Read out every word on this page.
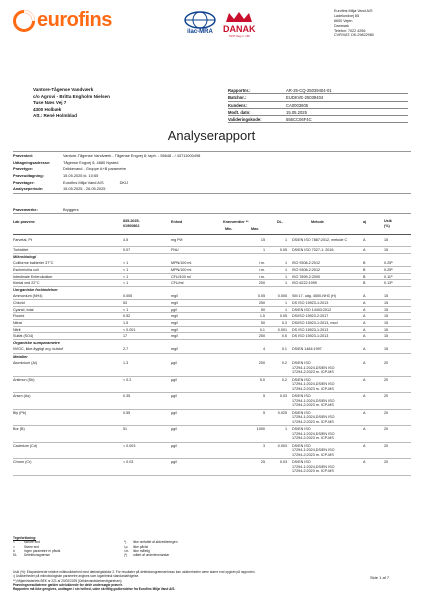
eurofins
ilac-MRA DANAK
TEST Reg.nr. 168
Eurofins Miljø Vand A/S
Ladelundvej 85
6600 Vejen
Danmark
Telefon: 7022 4256
CVR/VAT: DK-29822980
Vantore-Tågense Vandværk
c/o Agrovi - Britta Engholm Nielsen
Tuse Næs Vej 7
4300 Holbæk
Att.: René Holmblad
Rapportnr.:	AR-25-CQ-25039404-01
Batchnr.:	EUDKVE-25039404
Kundenr.:	CA0003605
Modt. dato:	15.05.2025
Valideringskode:	556CC06F4C
Analyserapport
Prøvested:	Vantore-Tågense Vandværk - Tågense Engvej 6; taph. - 55648 - / 43711000498
Udtagningsadresse:	Tågense Engvej 6, 4880 Nysted
Prøvetype:	Drikkevand - Gruppe A+B parametre
Prøveudtagning:	15.05.2025 kl. 10:55
Prøvetager:	Eurofins Miljø Vand A/S	DKIJ
Analyseperiode:	15.05.2025 - 26.05.2025
Prøvemærke:	Bryggers
Lab prøvenr:	835-2025-
01900862
Enhed	Kravværdier **
Min.	Max.
DL.	Metode	a)	Usik
(%)
Farvetal, Pt	4.5	mg Pt/l	15	1 DS/EN ISO 7887:2012, metode C	A	15
Turbiditet	0.07	FNU	1	0.05 DS/EN ISO 7027-1: 2016.	A	15
Mikrobiologi
Coliforme bakterier 37°C	< 1	MPN/100 ml	i.m.	1 ISO 9308-2:2012	B	0.25¹⁾
Escherichia coli	< 1	MPN/100 ml	i.m.	1 ISO 9308-2:2012	B	0.25¹⁾
Intestinale Enterokokker	< 1	CFU/100 ml	i.m.	1 ISO 7899-2:2000	B	0.11¹⁾
Kimtal ved 22°C	< 1	CFU/ml	200	1 ISO 6222:1999	B	0.13¹⁾
Uorganiske forbindelser
Ammonium (NH4)	0.005	mg/l	0.05	0.005 SM 17. udg. 4500-NH3 (H)	A	15
Chlorid	53	mg/l	250	1 DS ISO 15923-1:2013	A	15
Cyanid, total	< 1	µg/l	50	1 DS/EN ISO 14403:2012	A	15
Fluorid	0.52	mg/l	1.5	0.05 DS/ISO 15923-2:2017	A	15
Nitrat	1.5	mg/l	50	0.3 DS/ISO 15923-1:2013, mod	A	15
Nitrit	< 0.001	mg/l	0.1	0.001 DS ISO 15923-1:2013	A	15
Sulfat (SO4)	17	mg/l	250	0.5 DS ISO 15923-1:2013	A	15
Organiske sumparametre
NVOC, ikke-flygtigt org. kulstof	2.7	mg/l	4	0.1 DS/EN 1484:1997	A	15
Metaller
Aluminium (Al)	1.3	µg/l	200	0.2 DS/EN ISO
17294-1:2024,DS/EN ISO
17294-2:2023 m. ICP-MS
A	20
Antimon (Sb)	< 0.2	µg/l	5.0	0.2 DS/EN ISO
17294-1:2024,DS/EN ISO
17294-2:2023 m. ICP-MS
A	20
Arsen (As)	0.35	µg/l	5	0.03 DS/EN ISO
17294-1:2024,DS/EN ISO
17294-2:2023 m. ICP-MS
A	20
Bly (Pb)	0.55	µg/l	5	0.025 DS/EN ISO
17294-1:2024,DS/EN ISO
17294-2:2023 m. ICP-MS
A	20
Bor (B)	51	µg/l	1000	1 DS/EN ISO
17294-1:2024,DS/EN ISO
17294-2:2023 m. ICP-MS
A	20
Cadmium (Cd)	< 0.003	µg/l	3	0.003 DS/EN ISO
17294-1:2024,DS/EN ISO
17294-2:2023 m. ICP-MS
A	20
Chrom (Cr)	< 0.03	µg/l	25	0.03 DS/EN ISO
17294-1:2024,DS/EN ISO
17294-2:2023 m. ICP-MS
A	20
Tegnforklaring:
<	Mindre end	*)	Ikke omfattet af akkrediteringen
>	Større end	i.p.	Ikke påvist
#	Ingen parametre er påvist	i.m.	Ikke målelig
DL	Detektionsgrænse	(*)	udført af underleverandør
Usik (%): Ekspanderede relative måleusikkerhed med dækningsfaktor 2. For resultater på detektionsgrænseniveau kan usikkerheden være større end opgivet på rapporten.
¹) Usikkerheder på mikrobiologiske parametre angives som logaritmisk standardafvigelse.
**) Mijøministeriets BEK nr 221 af 20/02/2025 (Drikkevandsbekendtgørelsen).
Prøvningsresultaterne gælder udelukkende for det/e undersøgte prøve/r.
Rapporten må ikke gengives, undtagen i sin helhed, uden skriftlig godkendelse fra Eurofins Miljø Vand A/S.
Side 1 af 7
